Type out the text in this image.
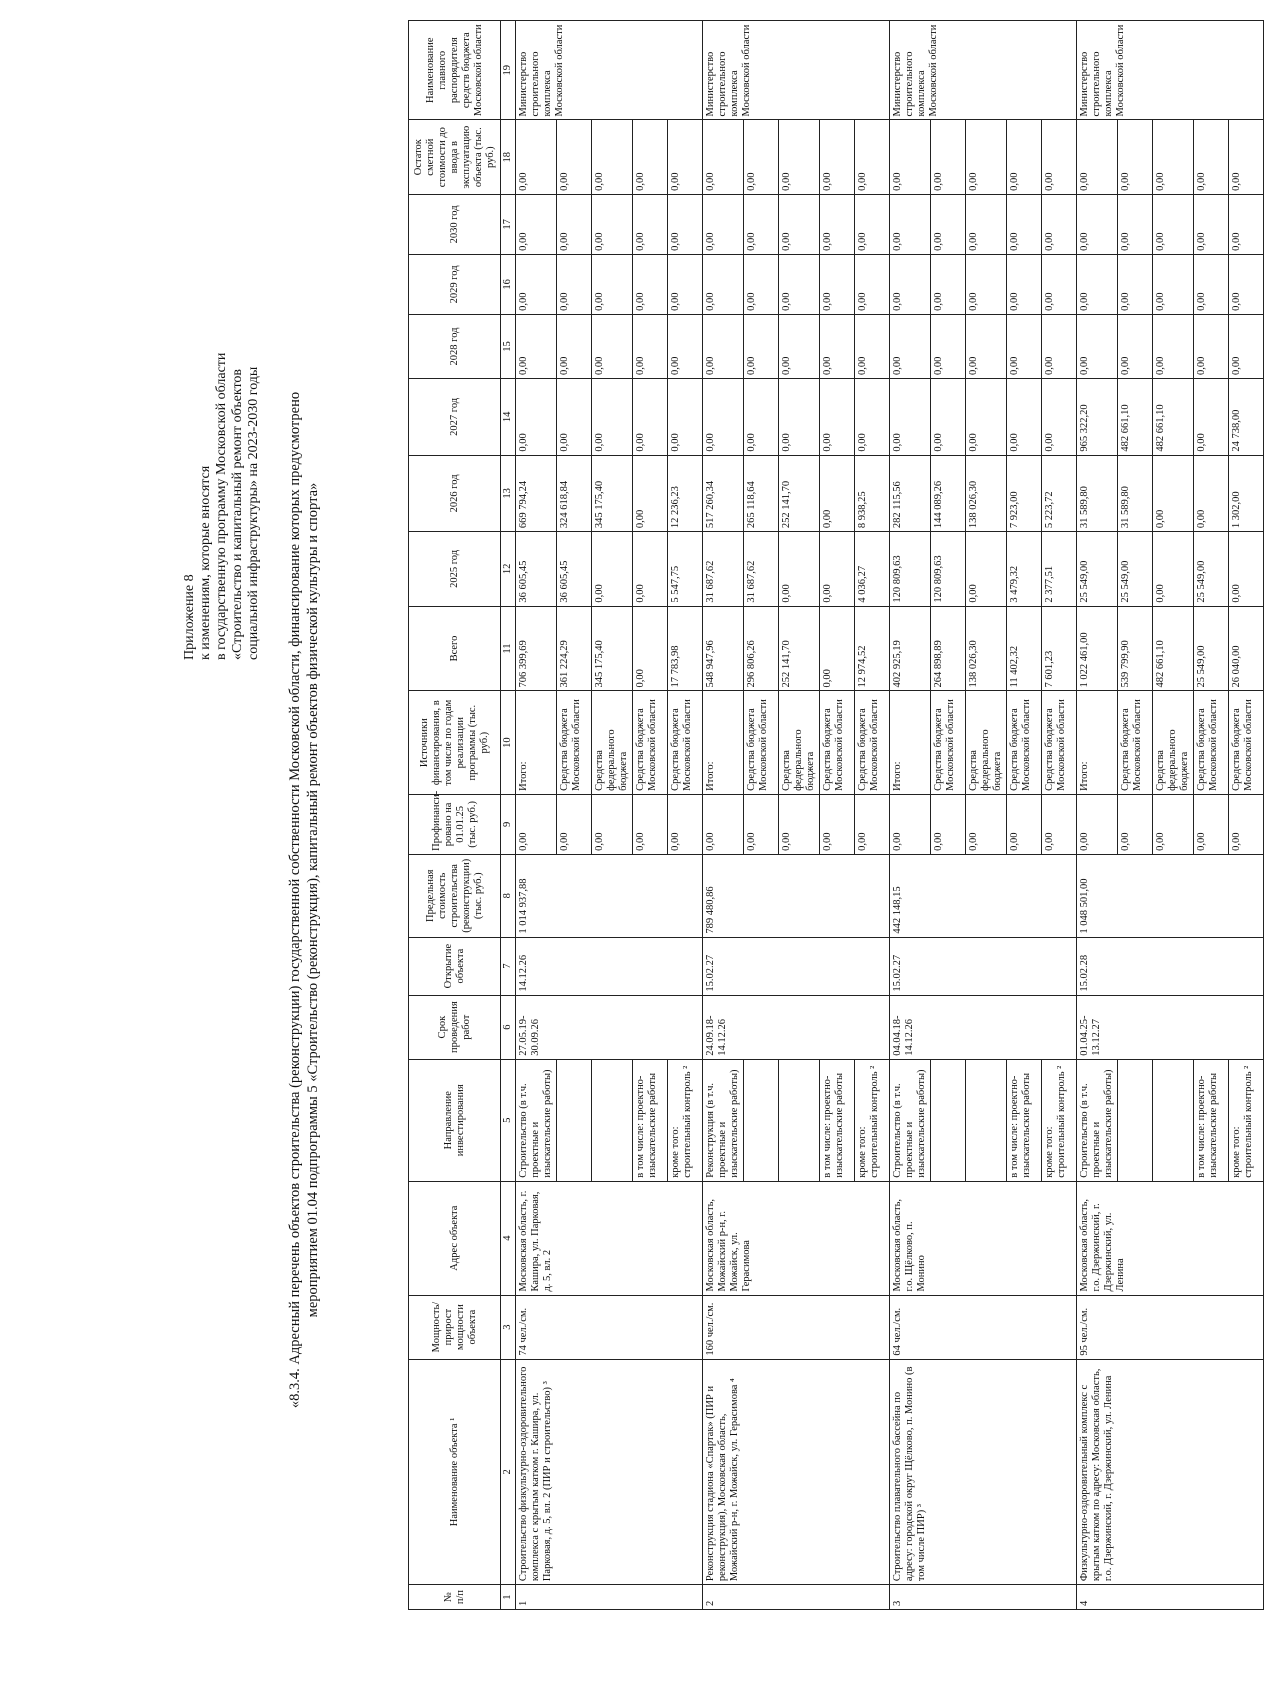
Приложение 8 к изменениям, которые вносятся в государственную программу Московской области «Строительство и капитальный ремонт объектов социальной инфраструктуры» на 2023-2030 годы «8.3.4. Адресный перечень объектов строительства (реконструкции) государственной собственности Московской области, финансирование которых предусмотрено мероприятием 01.04 подпрограммы 5 «Строительство (реконструкция), капитальный ремонт объектов физической культуры и спорта»
№ п/п	Наименование объекта ¹	Мощность/ прирост мощности объекта	Адрес объекта	Направление инвестирования	Срок проведения работ	Открытие объекта	Предельная стоимость строительства (реконструкции) (тыс. руб.)	Профинанси-ровано на 01.01.25 (тыс. руб.)	Источники финансирования, в том числе по годам реализации программы (тыс. руб.)	Всего	2025 год	2026 год	2027 год	2028 год	2029 год	2030 год	Остаток сметной стоимости до ввода в эксплуатацию объекта (тыс. руб.)	Наименование главного распорядителя средств бюджета Московской области
1	2	3	4	5	6	7	8	9	10	11	12	13	14	15	16	17	18	19
1	Строительство физкультурно-оздоровительного комплекса с крытым катком г. Кашира, ул. Парковая, д. 5, вл. 2 (ПИР и строительство) ³	74 чел./см.	Московская область, г. Кашира, ул. Парковая, д. 5, вл. 2	Строительство (в т.ч. проектные и изыскательские работы)	27.05.19-30.09.26	14.12.26	1 014 937,88	0,00	Итого:	706 399,69	36 605,45	669 794,24	0,00	0,00	0,00	0,00	0,00	Министерство строительного комплекса Московской области
								0,00	Средства бюджета Московской области	361 224,29	36 605,45	324 618,84	0,00	0,00	0,00	0,00	0,00	
								0,00	Средства федерального бюджета	345 175,40	0,00	345 175,40	0,00	0,00	0,00	0,00	0,00	
				в том числе: проектно-изыскательские работы				0,00	Средства бюджета Московской области	0,00	0,00	0,00	0,00	0,00	0,00	0,00	0,00	
				кроме того: строительный контроль ²				0,00	Средства бюджета Московской области	17 783,98	5 547,75	12 236,23	0,00	0,00	0,00	0,00	0,00	
2	Реконструкция стадиона «Спартак» (ПИР и реконструкция), Московская область, Можайский р-н, г. Можайск, ул. Герасимова ⁴	160 чел./см.	Московская область, Можайский р-н, г. Можайск, ул. Герасимова	Реконструкция (в т.ч. проектные и изыскательские работы)	24.09.18-14.12.26	15.02.27	789 480,86	0,00	Итого:	548 947,96	31 687,62	517 260,34	0,00	0,00	0,00	0,00	0,00	Министерство строительного комплекса Московской области
								0,00	Средства бюджета Московской области	296 806,26	31 687,62	265 118,64	0,00	0,00	0,00	0,00	0,00	
								0,00	Средства федерального бюджета	252 141,70	0,00	252 141,70	0,00	0,00	0,00	0,00	0,00	
				в том числе: проектно-изыскательские работы				0,00	Средства бюджета Московской области	0,00	0,00	0,00	0,00	0,00	0,00	0,00	0,00	
				кроме того: строительный контроль ²				0,00	Средства бюджета Московской области	12 974,52	4 036,27	8 938,25	0,00	0,00	0,00	0,00	0,00	
3	Строительство плавательного бассейна по адресу: городской округ Щёлково, п. Монино (в том числе ПИР) ³	64 чел./см.	Московская область, г.о. Щёлково, п. Монино	Строительство (в т.ч. проектные и изыскательские работы)	04.04.18-14.12.26	15.02.27	442 148,15	0,00	Итого:	402 925,19	120 809,63	282 115,56	0,00	0,00	0,00	0,00	0,00	Министерство строительного комплекса Московской области
								0,00	Средства бюджета Московской области	264 898,89	120 809,63	144 089,26	0,00	0,00	0,00	0,00	0,00	
								0,00	Средства федерального бюджета	138 026,30	0,00	138 026,30	0,00	0,00	0,00	0,00	0,00	
				в том числе: проектно-изыскательские работы				0,00	Средства бюджета Московской области	11 402,32	3 479,32	7 923,00	0,00	0,00	0,00	0,00	0,00	
				кроме того: строительный контроль ²				0,00	Средства бюджета Московской области	7 601,23	2 377,51	5 223,72	0,00	0,00	0,00	0,00	0,00	
4	Физкультурно-оздоровительный комплекс с крытым катком по адресу: Московская область, г.о. Дзержинский, г. Дзержинский, ул. Ленина	95 чел./см.	Московская область, г.о. Дзержинский, г. Дзержинский, ул. Ленина	Строительство (в т.ч. проектные и изыскательские работы)	01.04.25-13.12.27	15.02.28	1 048 501,00	0,00	Итого:	1 022 461,00	25 549,00	31 589,80	965 322,20	0,00	0,00	0,00	0,00	Министерство строительного комплекса Московской области
								0,00	Средства бюджета Московской области	539 799,90	25 549,00	31 589,80	482 661,10	0,00	0,00	0,00	0,00	
								0,00	Средства федерального бюджета	482 661,10	0,00	0,00	482 661,10	0,00	0,00	0,00	0,00	
				в том числе: проектно-изыскательские работы				0,00	Средства бюджета Московской области	25 549,00	25 549,00	0,00	0,00	0,00	0,00	0,00	0,00	
				кроме того: строительный контроль ²				0,00	Средства бюджета Московской области	26 040,00	0,00	1 302,00	24 738,00	0,00	0,00	0,00	0,00	
